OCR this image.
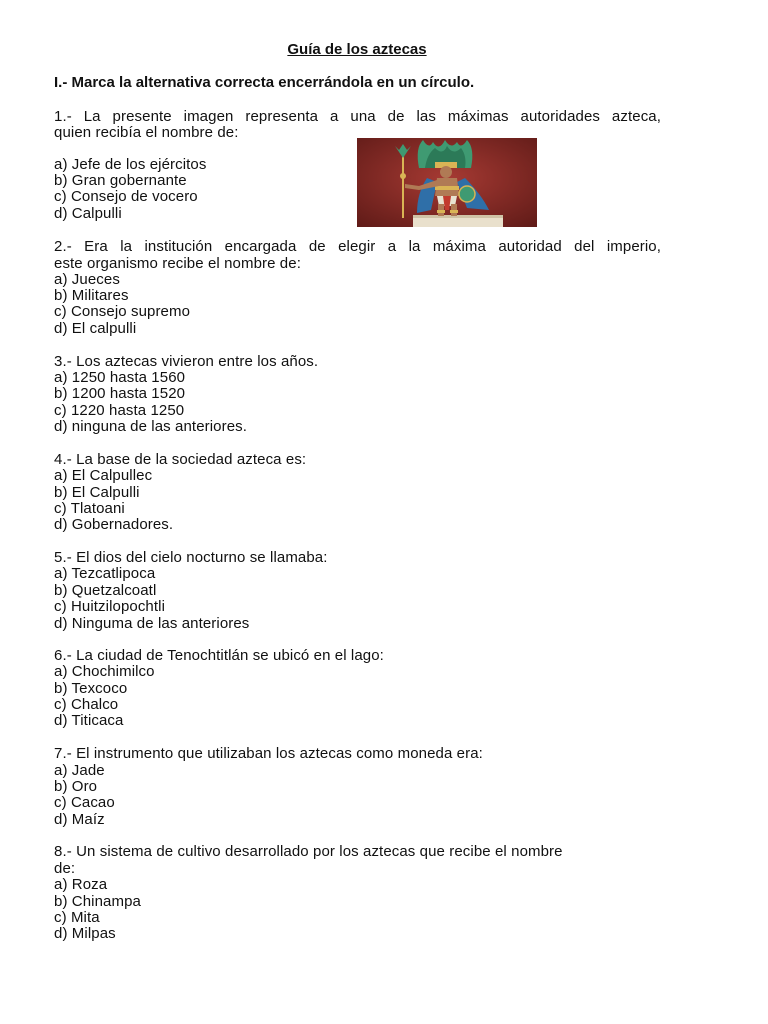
Guía de los aztecas

I.- Marca la alternativa correcta encerrándola en un círculo.

1.- La presente imagen representa a una de las máximas autoridades azteca,

quien recibía el nombre de:

a) Jefe de los ejércitos

b) Gran gobernante

c) Consejo de vocero

d) Calpulli

2.- Era la institución encargada de elegir a la máxima autoridad del imperio,

este organismo recibe el nombre de:

a) Jueces

b) Militares

c) Consejo supremo

d) El calpulli

3.- Los aztecas vivieron entre los años.

a) 1250 hasta 1560

b) 1200 hasta 1520

c) 1220 hasta 1250

d) ninguna de las anteriores.

4.- La base de la sociedad azteca es:

a) El Calpullec

b) El Calpulli

c) Tlatoani

d) Gobernadores.

5.- El dios del cielo nocturno se llamaba:

a) Tezcatlipoca

b) Quetzalcoatl

c) Huitzilopochtli

d) Ninguma de las anteriores

6.- La ciudad de Tenochtitlán se ubicó en el lago:

a) Chochimilco

b) Texcoco

c) Chalco

d) Titicaca

7.- El instrumento que utilizaban los aztecas como moneda era:

a) Jade

b) Oro

c) Cacao

d) Maíz

8.- Un sistema de cultivo desarrollado por los aztecas que recibe el nombre

de:

a) Roza

b) Chinampa

c) Mita

d) Milpas
